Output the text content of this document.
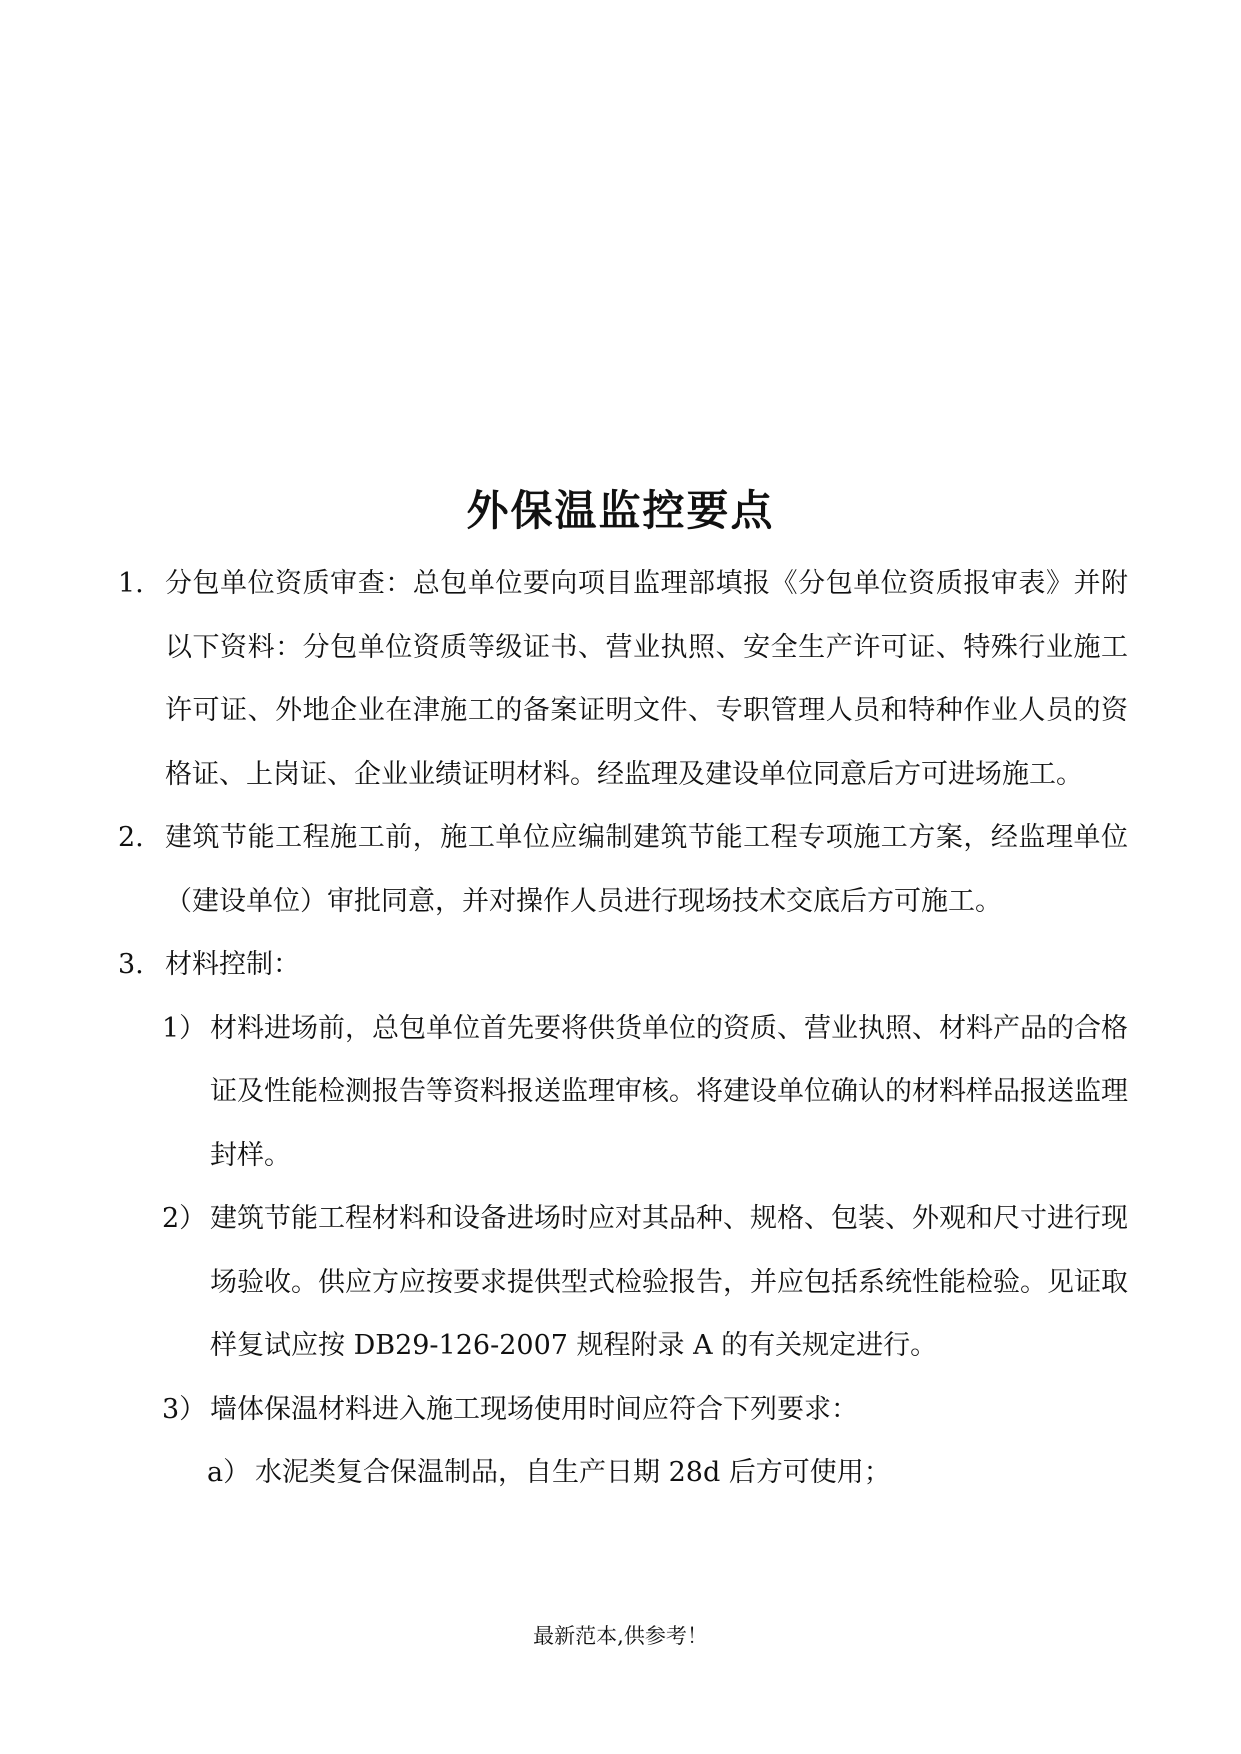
外保温监控要点
1. 分包单位资质审查：总包单位要向项目监理部填报《分包单位资质报审表》并附以下资料：分包单位资质等级证书、营业执照、安全生产许可证、特殊行业施工许可证、外地企业在津施工的备案证明文件、专职管理人员和特种作业人员的资格证、上岗证、企业业绩证明材料。经监理及建设单位同意后方可进场施工。
2. 建筑节能工程施工前，施工单位应编制建筑节能工程专项施工方案，经监理单位（建设单位）审批同意，并对操作人员进行现场技术交底后方可施工。
3. 材料控制：
1） 材料进场前，总包单位首先要将供货单位的资质、营业执照、材料产品的合格证及性能检测报告等资料报送监理审核。将建设单位确认的材料样品报送监理封样。
2） 建筑节能工程材料和设备进场时应对其品种、规格、包装、外观和尺寸进行现场验收。供应方应按要求提供型式检验报告，并应包括系统性能检验。见证取样复试应按 DB29-126-2007 规程附录 A 的有关规定进行。
3） 墙体保温材料进入施工现场使用时间应符合下列要求：
a） 水泥类复合保温制品，自生产日期 28d 后方可使用；
最新范本,供参考！
